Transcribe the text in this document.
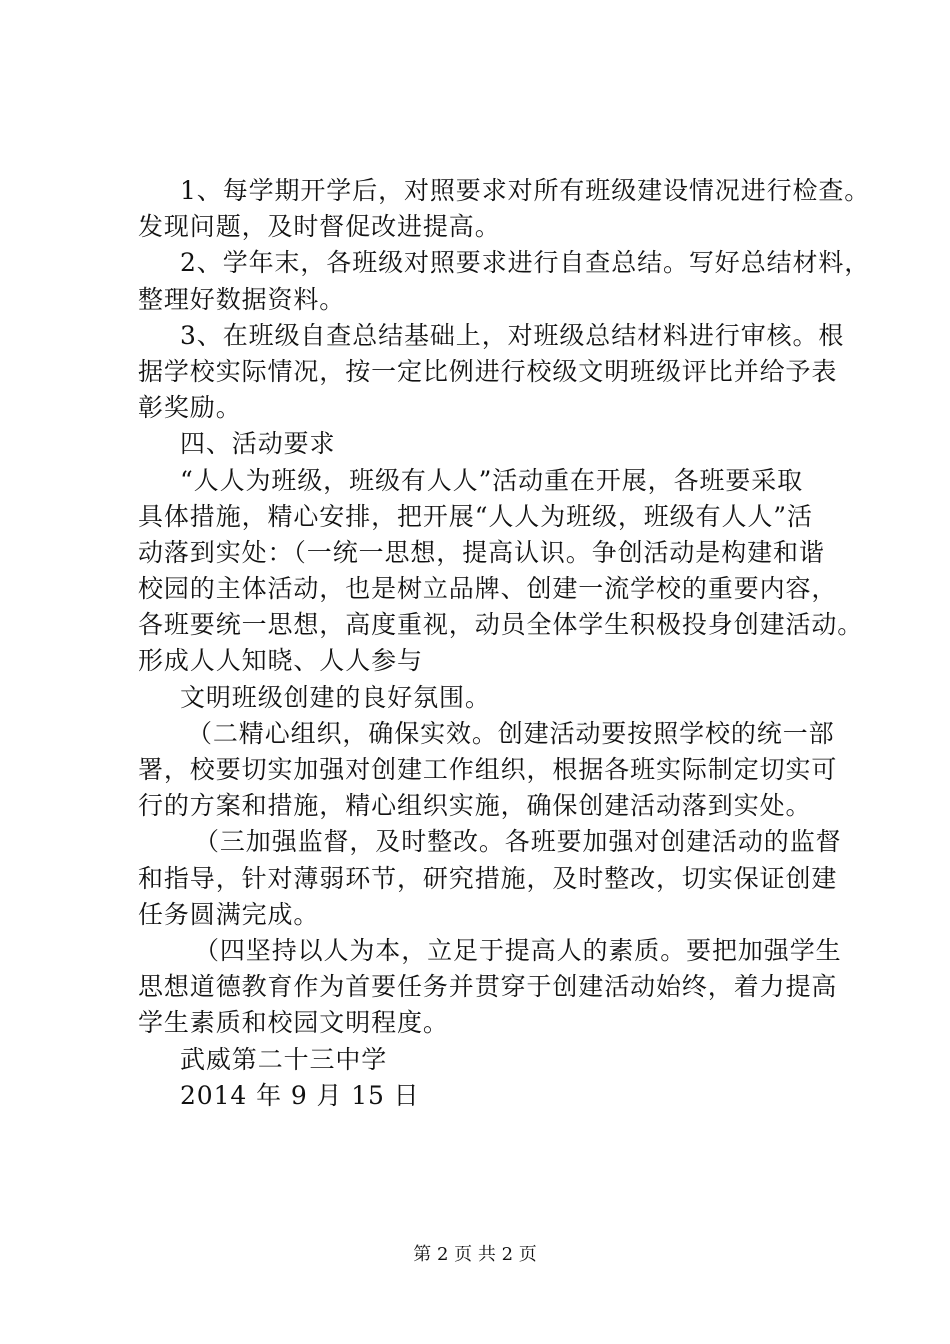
1、每学期开学后，对照要求对所有班级建设情况进行检查。
发现问题，及时督促改进提高。
2、学年末，各班级对照要求进行自查总结。写好总结材料，
整理好数据资料。
3、在班级自查总结基础上，对班级总结材料进行审核。根
据学校实际情况，按一定比例进行校级文明班级评比并给予表
彰奖励。
四、活动要求
“人人为班级，班级有人人”活动重在开展，各班要采取
具体措施，精心安排，把开展“人人为班级，班级有人人”活
动落到实处：（一统一思想，提高认识。争创活动是构建和谐
校园的主体活动，也是树立品牌、创建一流学校的重要内容，
各班要统一思想，高度重视，动员全体学生积极投身创建活动。
形成人人知晓、人人参与
文明班级创建的良好氛围。
（二精心组织，确保实效。创建活动要按照学校的统一部
署，校要切实加强对创建工作组织，根据各班实际制定切实可
行的方案和措施，精心组织实施，确保创建活动落到实处。
（三加强监督，及时整改。各班要加强对创建活动的监督
和指导，针对薄弱环节，研究措施，及时整改，切实保证创建
任务圆满完成。
（四坚持以人为本，立足于提高人的素质。要把加强学生
思想道德教育作为首要任务并贯穿于创建活动始终，着力提高
学生素质和校园文明程度。
武威第二十三中学
2014 年 9 月 15 日
第 2 页 共 2 页
